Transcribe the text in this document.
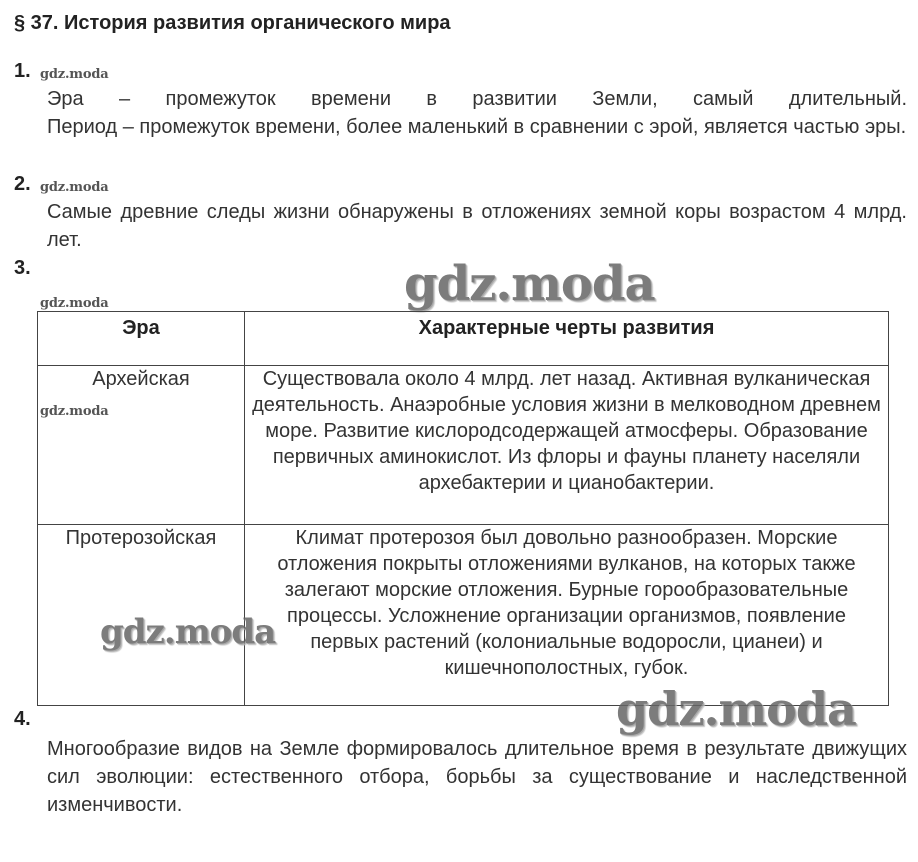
§ 37. История развития органического мира
1. gdz.moda

Эра – промежуток времени в развитии Земли, самый длительный.

Период – промежуток времени, более маленький в сравнении с эрой, является частью эры.

2. gdz.moda

Самые древние следы жизни обнаружены в отложениях земной коры возрастом 4 млрд. лет.

3.	gdz.moda
gdz.moda
Эра	Характерные черты развития
Архейская	Существовала около 4 млрд. лет назад. Активная вулканическая деятельность. Анаэробные условия жизни в мелководном древнем море. Развитие кислородсодержащей атмосферы. Образование первичных аминокислот. Из флоры и фауны планету населяли архебактерии и цианобактерии.
Протерозойская	Климат протерозоя был довольно разнообразен. Морские отложения покрыты отложениями вулканов, на которых также залегают морские отложения. Бурные горообразовательные процессы. Усложнение организации организмов, появление первых растений (колониальные водоросли, цианеи) и кишечнополостных, губок.
gdz.moda
gdz.moda
gdz.moda
4.

Многообразие видов на Земле формировалось длительное время в результате движущих сил эволюции: естественного отбора, борьбы за существование и наследственной изменчивости.
